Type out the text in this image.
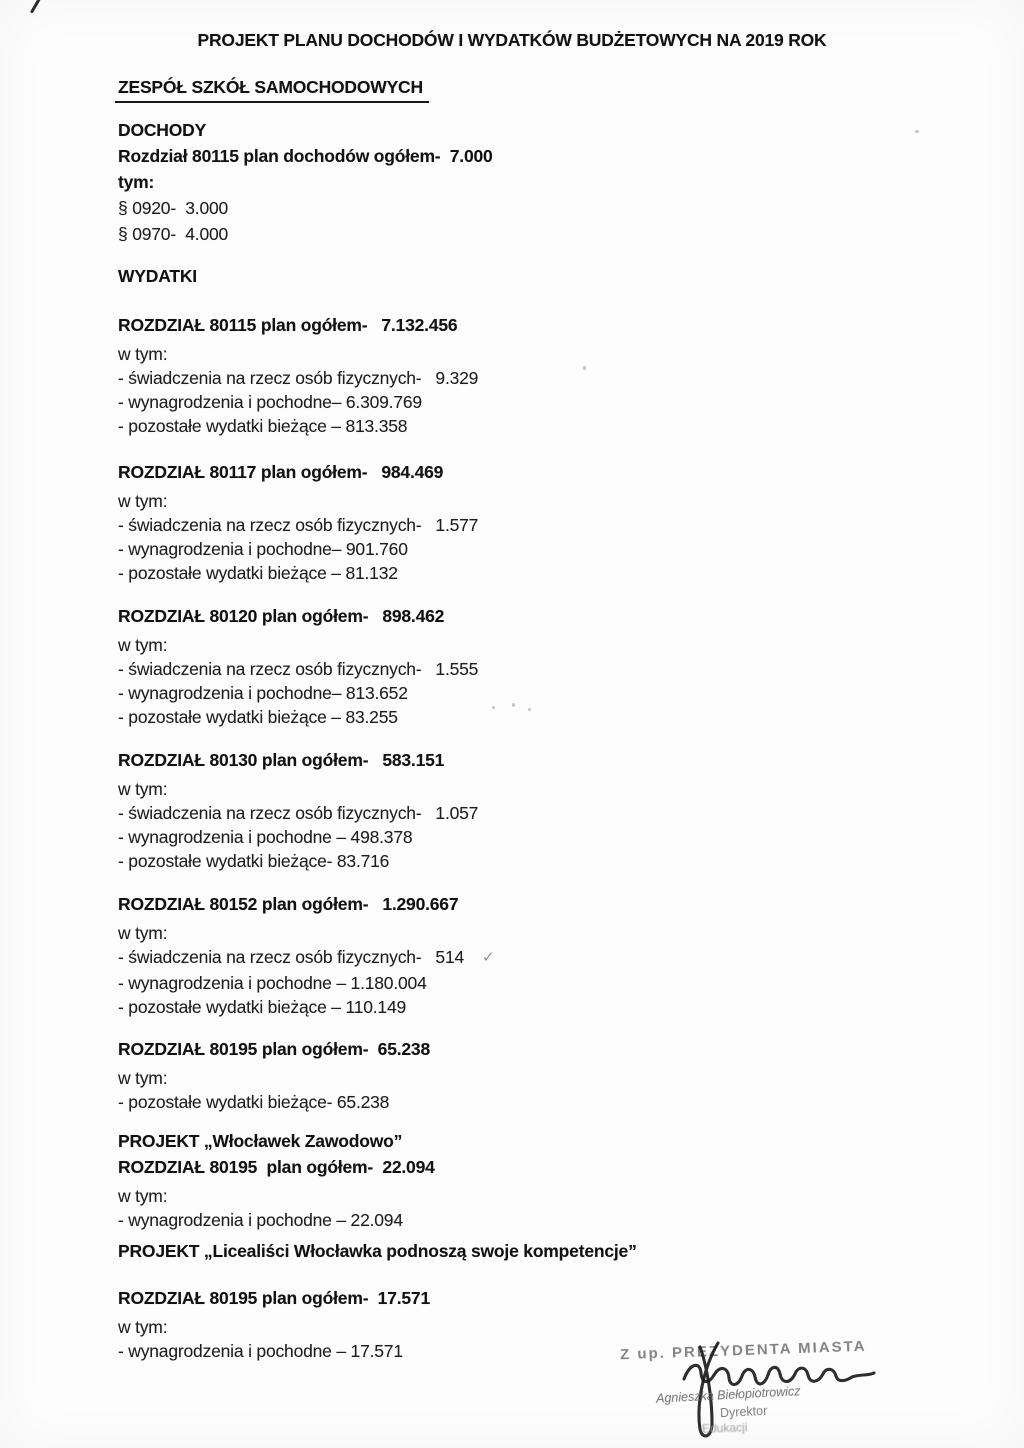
PROJEKT PLANU DOCHODÓW I WYDATKÓW BUDŻETOWYCH NA 2019 ROK
ZESPÓŁ SZKÓŁ SAMOCHODOWYCH
DOCHODY
Rozdział 80115 plan dochodów ogółem-  7.000
tym:
§ 0920-  3.000
§ 0970-  4.000
WYDATKI
ROZDZIAŁ 80115 plan ogółem-   7.132.456
w tym:
- świadczenia na rzecz osób fizycznych-   9.329
- wynagrodzenia i pochodne– 6.309.769
- pozostałe wydatki bieżące – 813.358
ROZDZIAŁ 80117 plan ogółem-   984.469
w tym:
- świadczenia na rzecz osób fizycznych-   1.577
- wynagrodzenia i pochodne– 901.760
- pozostałe wydatki bieżące – 81.132
ROZDZIAŁ 80120 plan ogółem-   898.462
w tym:
- świadczenia na rzecz osób fizycznych-   1.555
- wynagrodzenia i pochodne– 813.652
- pozostałe wydatki bieżące – 83.255
ROZDZIAŁ 80130 plan ogółem-   583.151
w tym:
- świadczenia na rzecz osób fizycznych-   1.057
- wynagrodzenia i pochodne – 498.378
- pozostałe wydatki bieżące- 83.716
ROZDZIAŁ 80152 plan ogółem-   1.290.667
w tym:
- świadczenia na rzecz osób fizycznych-   514 ✓
- wynagrodzenia i pochodne – 1.180.004
- pozostałe wydatki bieżące – 110.149
ROZDZIAŁ 80195 plan ogółem-  65.238
w tym:
- pozostałe wydatki bieżące- 65.238
PROJEKT „Włocławek Zawodowo”
ROZDZIAŁ 80195  plan ogółem-  22.094
w tym:
- wynagrodzenia i pochodne – 22.094
PROJEKT „Licealiści Włocławka podnoszą swoje kompetencje”
ROZDZIAŁ 80195 plan ogółem-  17.571
w tym:
- wynagrodzenia i pochodne – 17.571	Z up. PREZYDENTA MIASTA
Agnieszka Biełopiotrowicz
Dyrektor
Edukacji
